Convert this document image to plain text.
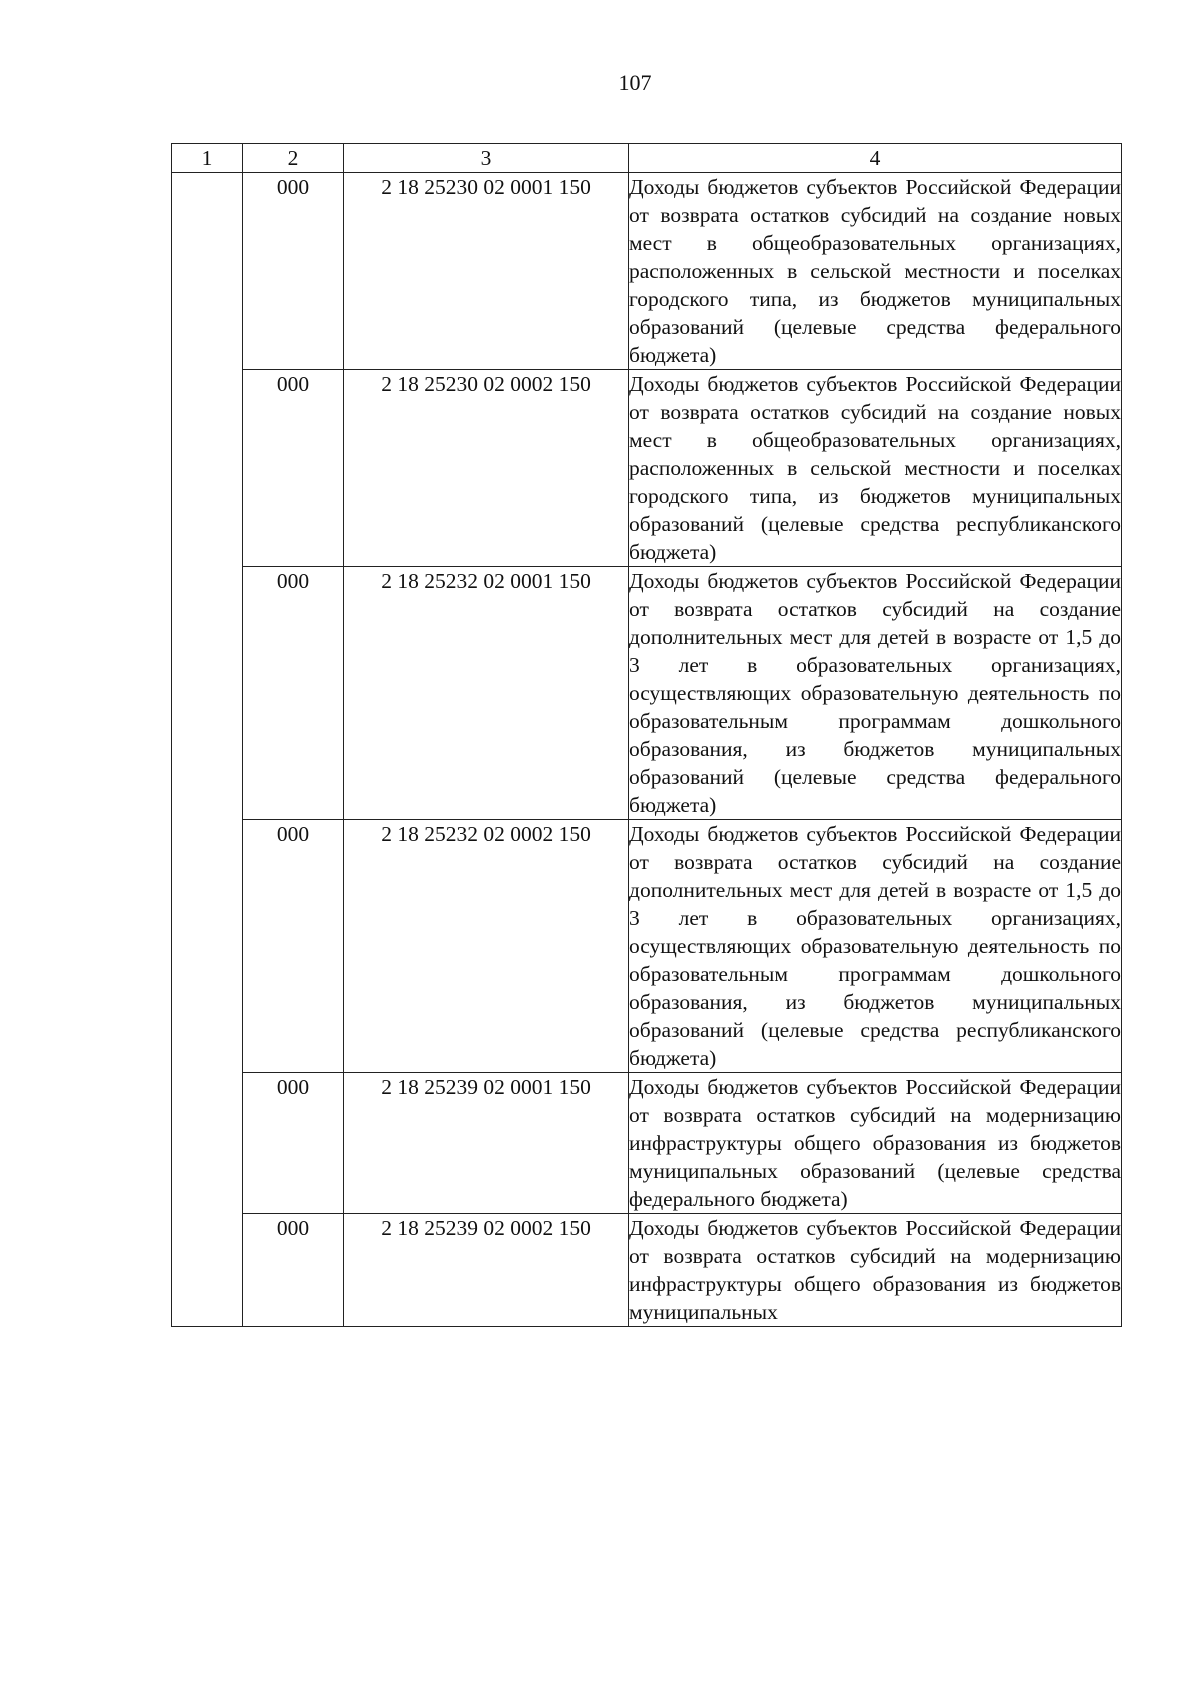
107
1	2	3	4
	000	2 18 25230 02 0001 150	Доходы бюджетов субъектов Российской Федерации от возврата остатков субсидий на создание новых мест в общеобразовательных организациях, расположенных в сельской местности и поселках городского типа, из бюджетов муниципальных образований (целевые средства федерального бюджета)
	000	2 18 25230 02 0002 150	Доходы бюджетов субъектов Российской Федерации от возврата остатков субсидий на создание новых мест в общеобразовательных организациях, расположенных в сельской местности и поселках городского типа, из бюджетов муниципальных образований (целевые средства республиканского бюджета)
	000	2 18 25232 02 0001 150	Доходы бюджетов субъектов Российской Федерации от возврата остатков субсидий на создание дополнительных мест для детей в возрасте от 1,5 до 3 лет в образовательных организациях, осуществляющих образовательную деятельность по образовательным программам дошкольного образования, из бюджетов муниципальных образований (целевые средства федерального бюджета)
	000	2 18 25232 02 0002 150	Доходы бюджетов субъектов Российской Федерации от возврата остатков субсидий на создание дополнительных мест для детей в возрасте от 1,5 до 3 лет в образовательных организациях, осуществляющих образовательную деятельность по образовательным программам дошкольного образования, из бюджетов муниципальных образований (целевые средства республиканского бюджета)
	000	2 18 25239 02 0001 150	Доходы бюджетов субъектов Российской Федерации от возврата остатков субсидий на модернизацию инфраструктуры общего образования из бюджетов муниципальных образований (целевые средства федерального бюджета)
	000	2 18 25239 02 0002 150	Доходы бюджетов субъектов Российской Федерации от возврата остатков субсидий на модернизацию инфраструктуры общего образования из бюджетов муниципальных
